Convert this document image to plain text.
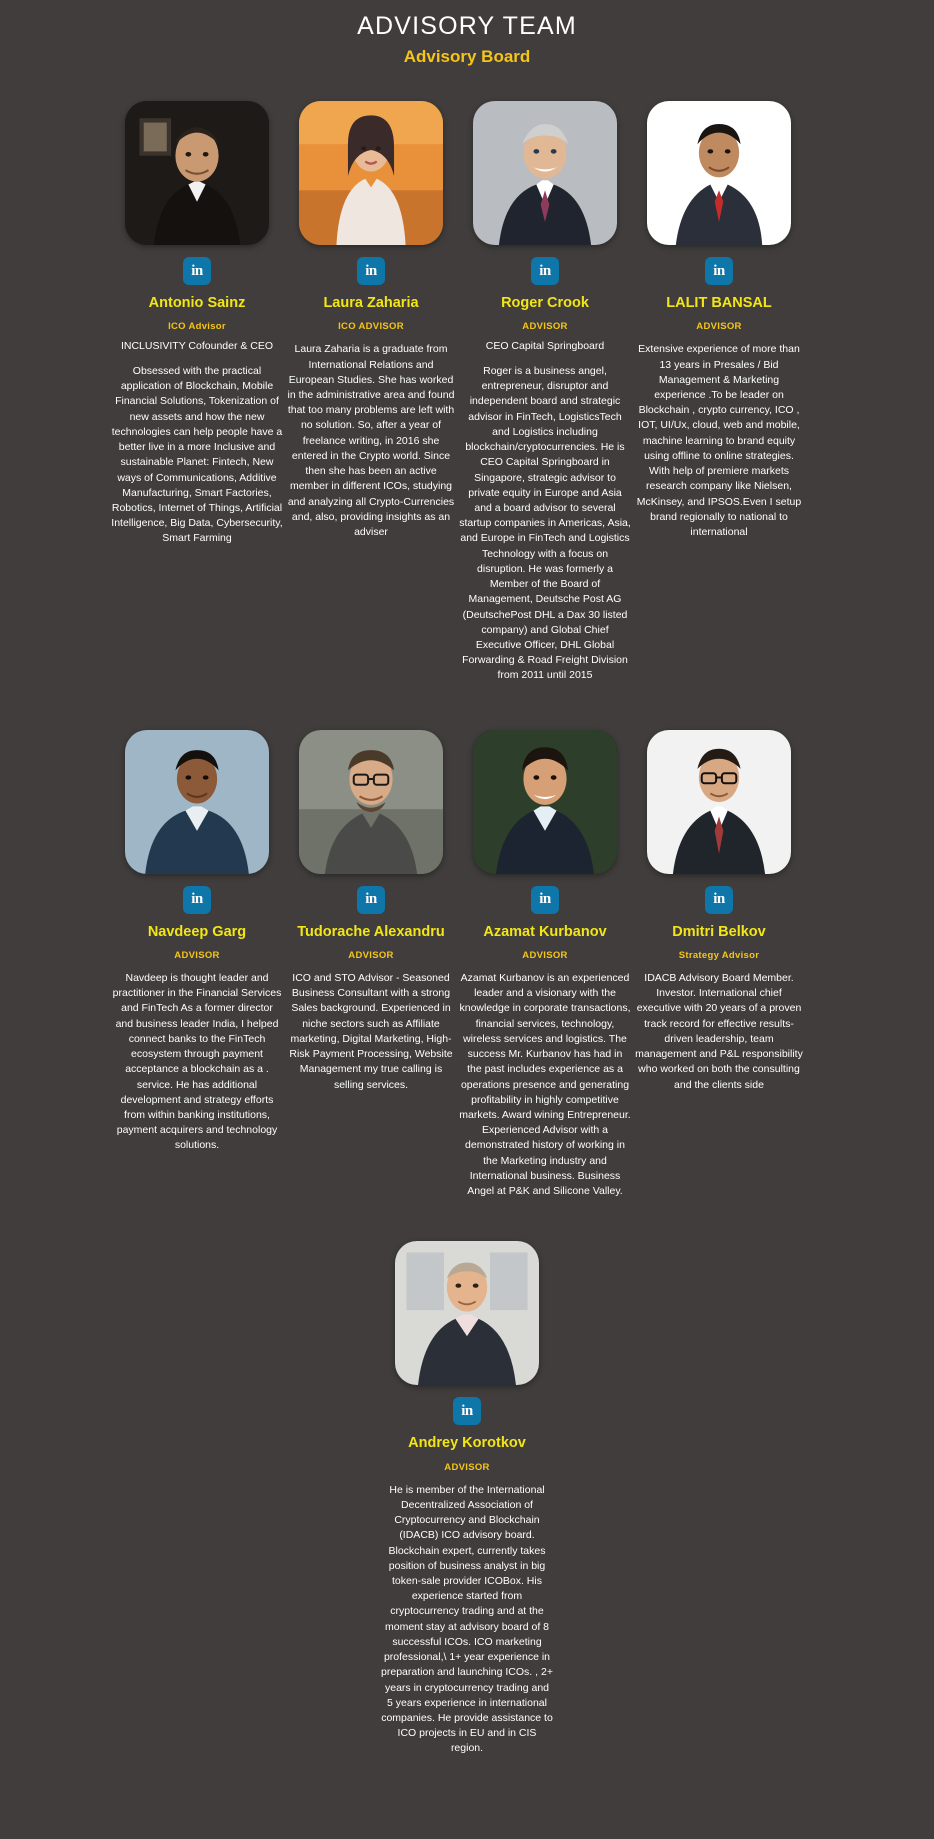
ADVISORY TEAM
Advisory Board
in
Antonio Sainz
ICO Advisor
INCLUSIVITY Cofounder & CEO
Obsessed with the practical application of Blockchain, Mobile Financial Solutions, Tokenization of new assets and how the new technologies can help people have a better live in a more Inclusive and sustainable Planet: Fintech, New ways of Communications, Additive Manufacturing, Smart Factories, Robotics, Internet of Things, Artificial Intelligence, Big Data, Cybersecurity, Smart Farming
in
Laura Zaharia
ICO ADVISOR
Laura Zaharia is a graduate from International Relations and European Studies. She has worked in the administrative area and found that too many problems are left with no solution. So, after a year of freelance writing, in 2016 she entered in the Crypto world. Since then she has been an active member in different ICOs, studying and analyzing all Crypto-Currencies and, also, providing insights as an adviser
in
Roger Crook
ADVISOR
CEO Capital Springboard
Roger is a business angel, entrepreneur, disruptor and independent board and strategic advisor in FinTech, LogisticsTech and Logistics including blockchain/cryptocurrencies. He is CEO Capital Springboard in Singapore, strategic advisor to private equity in Europe and Asia and a board advisor to several startup companies in Americas, Asia, and Europe in FinTech and Logistics Technology with a focus on disruption. He was formerly a Member of the Board of Management, Deutsche Post AG (DeutschePost DHL a Dax 30 listed company) and Global Chief Executive Officer, DHL Global Forwarding & Road Freight Division from 2011 until 2015
in
LALIT BANSAL
ADVISOR
Extensive experience of more than 13 years in Presales / Bid Management & Marketing experience .To be leader on Blockchain , crypto currency, ICO , IOT, UI/Ux, cloud, web and mobile, machine learning to brand equity using offline to online strategies. With help of premiere markets research company like Nielsen, McKinsey, and IPSOS.Even I setup brand regionally to national to international
in
Navdeep Garg
ADVISOR
Navdeep is thought leader and practitioner in the Financial Services and FinTech As a former director and business leader India, I helped connect banks to the FinTech ecosystem through payment acceptance a blockchain as a . service. He has additional development and strategy efforts from within banking institutions, payment acquirers and technology solutions.
in
Tudorache Alexandru
ADVISOR
ICO and STO Advisor - Seasoned Business Consultant with a strong Sales background. Experienced in niche sectors such as Affiliate marketing, Digital Marketing, High-Risk Payment Processing, Website Management my true calling is selling services.
in
Azamat Kurbanov
ADVISOR
Azamat Kurbanov is an experienced leader and a visionary with the knowledge in corporate transactions, financial services, technology, wireless services and logistics. The success Mr. Kurbanov has had in the past includes experience as a operations presence and generating profitability in highly competitive markets. Award wining Entrepreneur. Experienced Advisor with a demonstrated history of working in the Marketing industry and International business. Business Angel at P&K and Silicone Valley.
in
Dmitri Belkov
Strategy Advisor
IDACB Advisory Board Member. Investor. International chief executive with 20 years of a proven track record for effective results-driven leadership, team management and P&L responsibility who worked on both the consulting and the clients side
in
Andrey Korotkov
ADVISOR
He is member of the International Decentralized Association of Cryptocurrency and Blockchain (IDACB) ICO advisory board. Blockchain expert, currently takes position of business analyst in big token-sale provider ICOBox. His experience started from cryptocurrency trading and at the moment stay at advisory board of 8 successful ICOs. ICO marketing professional,\ 1+ year experience in preparation and launching ICOs. , 2+ years in cryptocurrency trading and 5 years experience in international companies. He provide assistance to ICO projects in EU and in CIS region.
